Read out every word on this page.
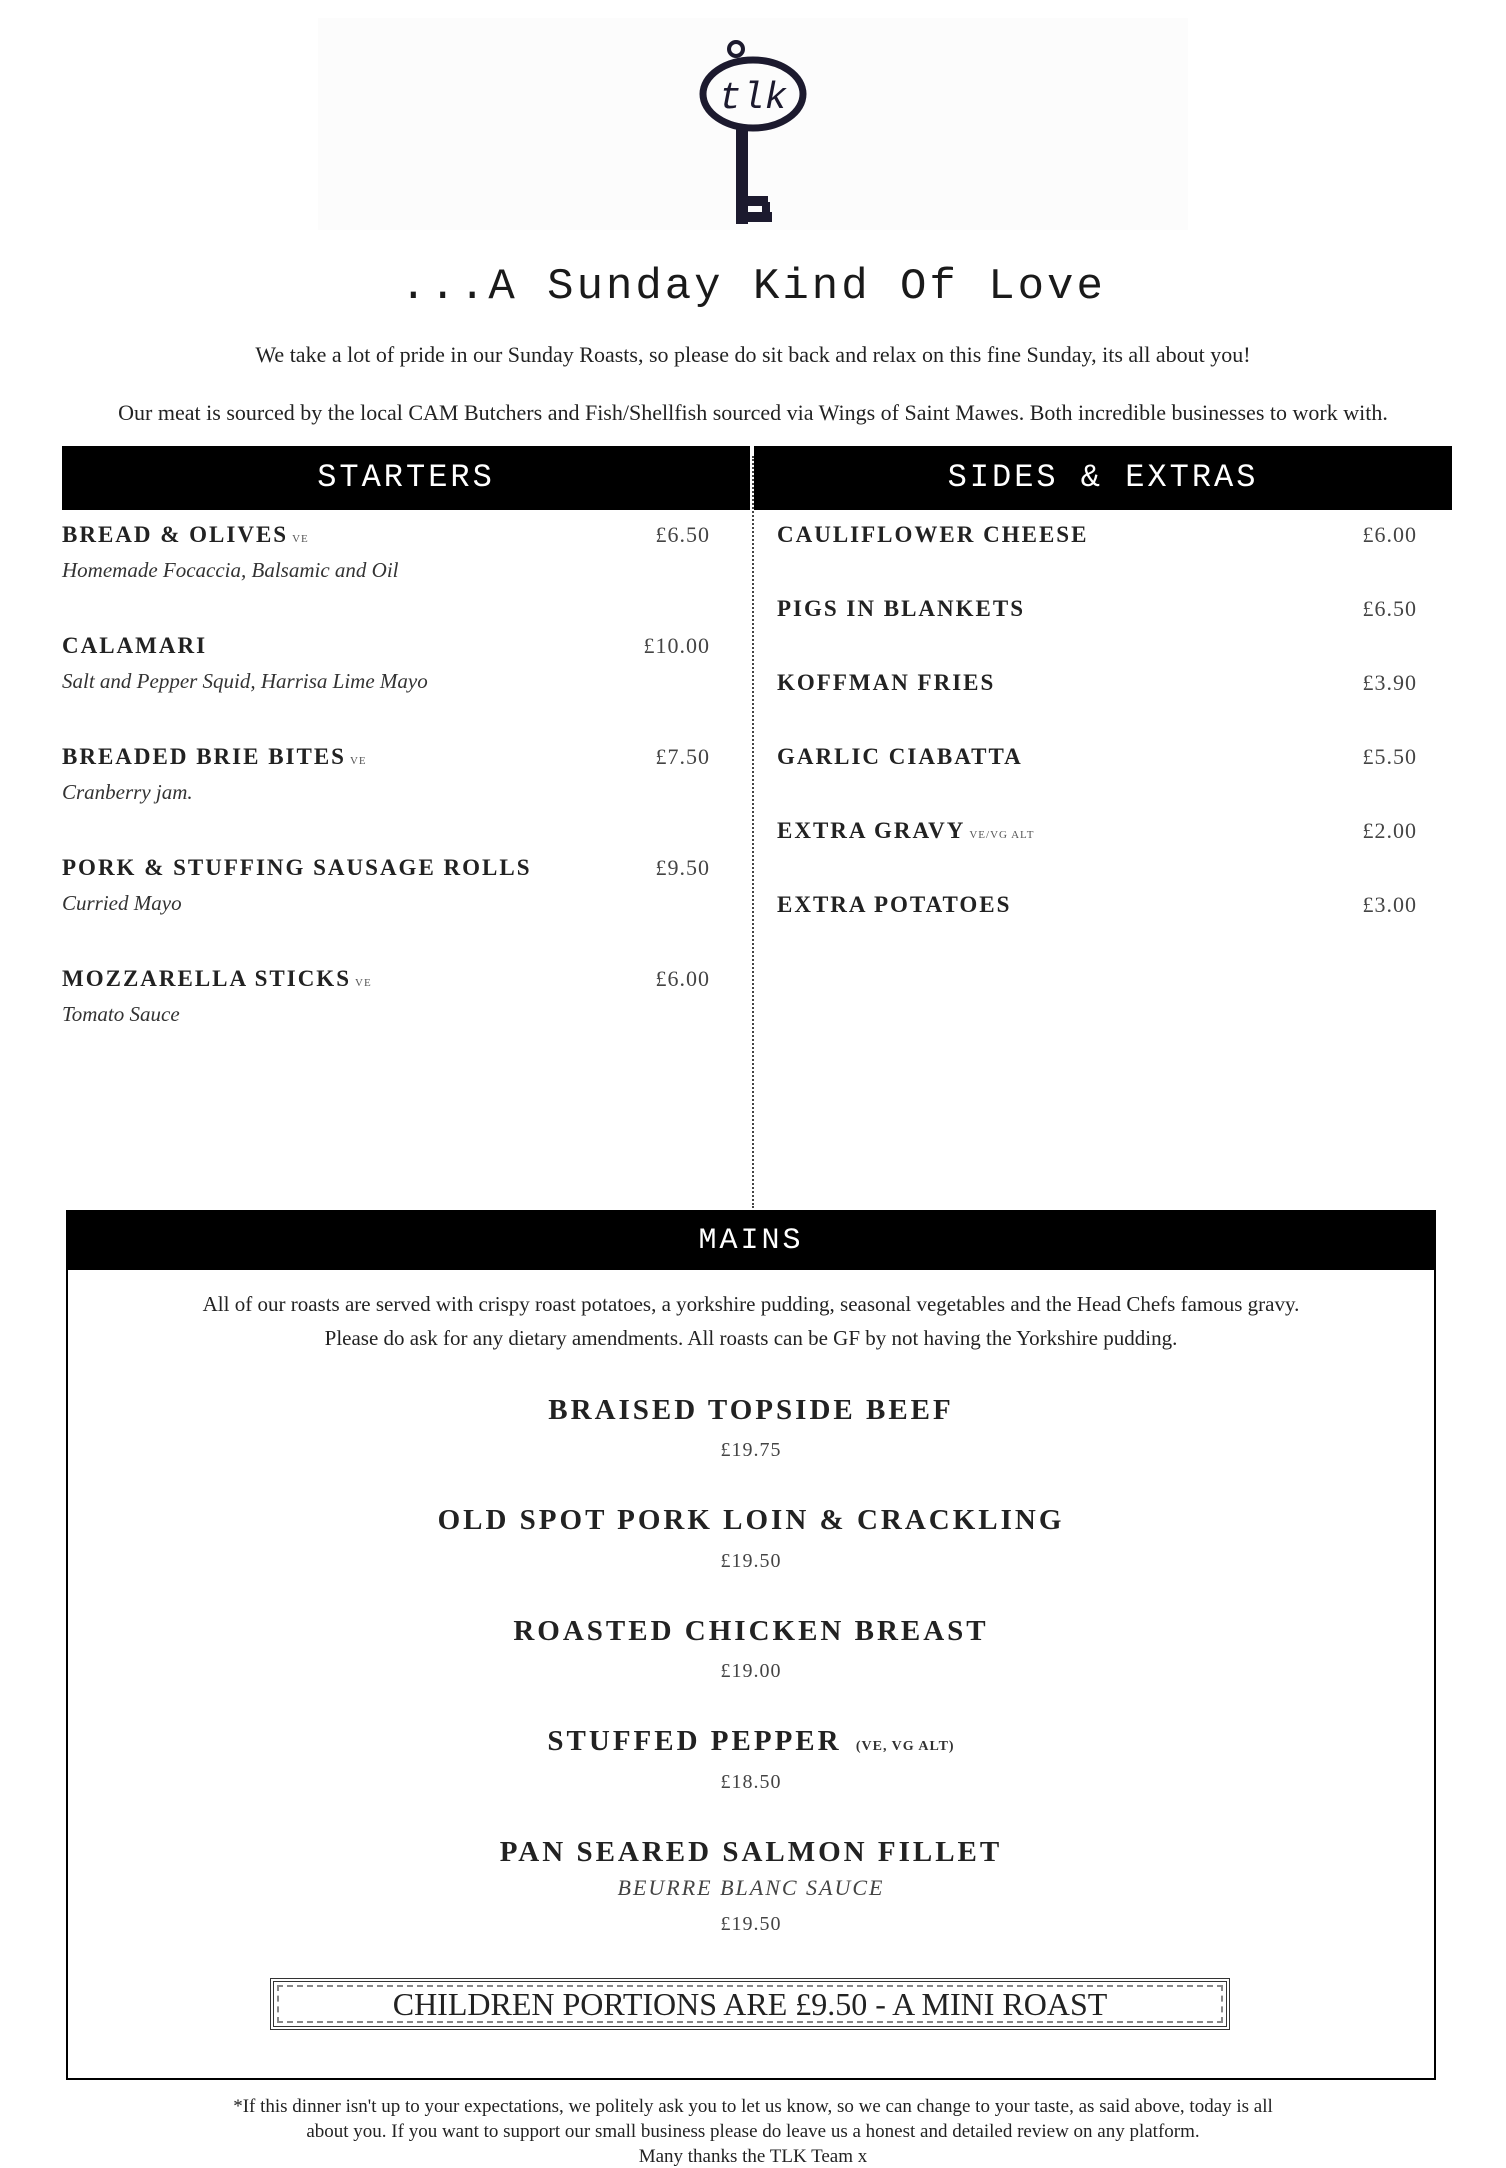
tlk
...A Sunday Kind Of Love
We take a lot of pride in our Sunday Roasts, so please do sit back and relax on this fine Sunday, its all about you!
Our meat is sourced by the local CAM Butchers and Fish/Shellfish sourced via Wings of Saint Mawes. Both incredible businesses to work with.
STARTERS	SIDES & EXTRAS
BREAD & OLIVES VE	£6.50
Homemade Focaccia, Balsamic and Oil
CALAMARI	£10.00
Salt and Pepper Squid, Harrisa Lime Mayo
BREADED BRIE BITES VE	£7.50
Cranberry jam.
PORK & STUFFING SAUSAGE ROLLS	£9.50
Curried Mayo
MOZZARELLA STICKS VE	£6.00
Tomato Sauce
CAULIFLOWER CHEESE	£6.00
PIGS IN BLANKETS	£6.50
KOFFMAN FRIES	£3.90
GARLIC CIABATTA	£5.50
EXTRA GRAVY VE/VG ALT	£2.00
EXTRA POTATOES	£3.00
MAINS
All of our roasts are served with crispy roast potatoes, a yorkshire pudding, seasonal vegetables and the Head Chefs famous gravy.
Please do ask for any dietary amendments. All roasts can be GF by not having the Yorkshire pudding.
BRAISED TOPSIDE BEEF
£19.75
OLD SPOT PORK LOIN & CRACKLING
£19.50
ROASTED CHICKEN BREAST
£19.00
STUFFED PEPPER (VE, VG ALT)
£18.50
PAN SEARED SALMON FILLET
BEURRE BLANC SAUCE
£19.50
CHILDREN PORTIONS ARE £9.50 - A MINI ROAST
*If this dinner isn't up to your expectations, we politely ask you to let us know, so we can change to your taste, as said above, today is all
about you. If you want to support our small business please do leave us a honest and detailed review on any platform.
Many thanks the TLK Team x
